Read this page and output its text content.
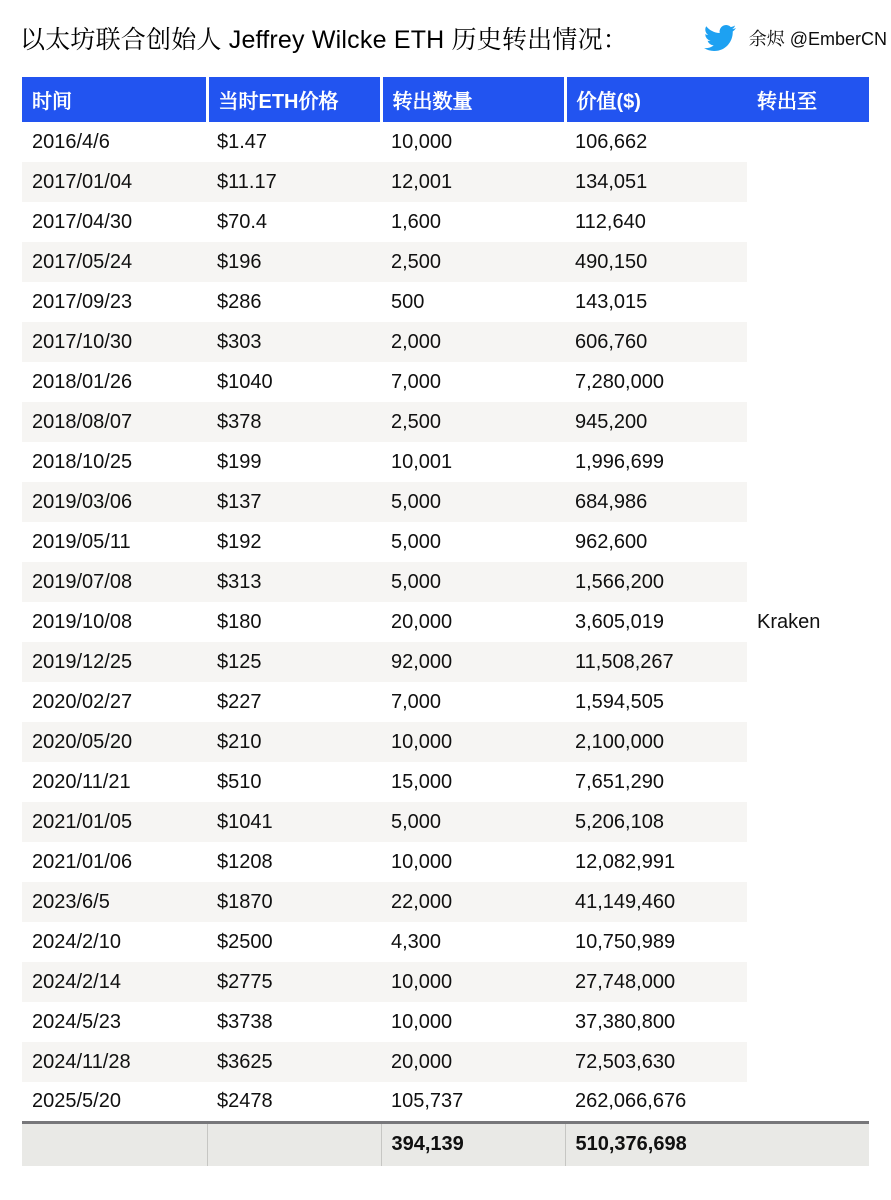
以太坊联合创始人 Jeffrey Wilcke ETH 历史转出情况：	余烬 @EmberCN
时间	当时ETH价格	转出数量	价值($)	转出至
2016/4/6	$1.47	10,000	106,662	
2017/01/04	$11.17	12,001	134,051	
2017/04/30	$70.4	1,600	112,640	
2017/05/24	$196	2,500	490,150	
2017/09/23	$286	500	143,015	
2017/10/30	$303	2,000	606,760	
2018/01/26	$1040	7,000	7,280,000	
2018/08/07	$378	2,500	945,200	
2018/10/25	$199	10,001	1,996,699	
2019/03/06	$137	5,000	684,986	
2019/05/11	$192	5,000	962,600	
2019/07/08	$313	5,000	1,566,200	
2019/10/08	$180	20,000	3,605,019	Kraken
2019/12/25	$125	92,000	11,508,267	
2020/02/27	$227	7,000	1,594,505	
2020/05/20	$210	10,000	2,100,000	
2020/11/21	$510	15,000	7,651,290	
2021/01/05	$1041	5,000	5,206,108	
2021/01/06	$1208	10,000	12,082,991	
2023/6/5	$1870	22,000	41,149,460	
2024/2/10	$2500	4,300	10,750,989	
2024/2/14	$2775	10,000	27,748,000	
2024/5/23	$3738	10,000	37,380,800	
2024/11/28	$3625	20,000	72,503,630	
2025/5/20	$2478	105,737	262,066,676	
		394,139	510,376,698	
